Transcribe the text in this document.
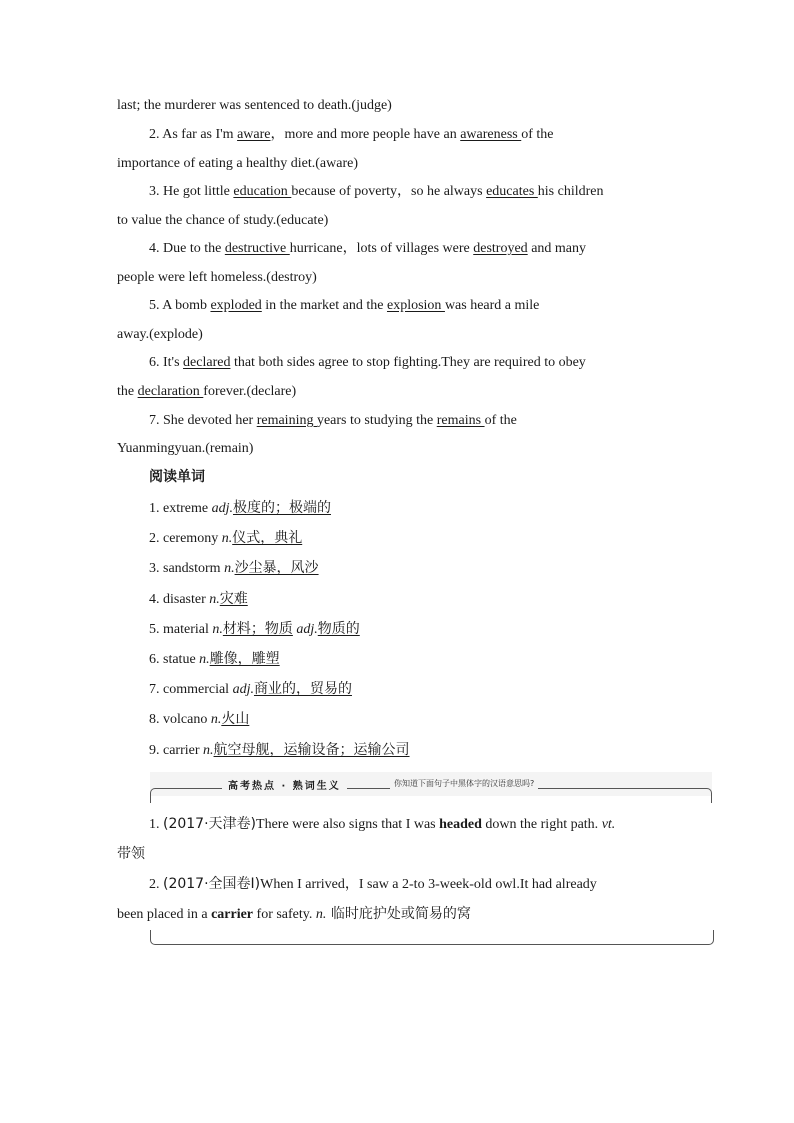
last; the murderer was sentenced to death.(judge)
2. As far as I'm aware，more and more people have an awareness of the
importance of eating a healthy diet.(aware)
3. He got little education because of poverty，so he always educates his children
to value the chance of study.(educate)
4. Due to the destructive hurricane，lots of villages were destroyed and many
people were left homeless.(destroy)
5. A bomb exploded in the market and the explosion was heard a mile
away.(explode)
6. It's declared that both sides agree to stop fighting.They are required to obey
the declaration forever.(declare)
7. She devoted her remaining years to studying the remains of the
Yuanmingyuan.(remain)
阅读单词
1. extreme adj.极度的；极端的
2. ceremony n.仪式，典礼
3. sandstorm n.沙尘暴，风沙
4. disaster n.灾难
5. material n.材料；物质 adj.物质的
6. statue n.雕像，雕塑
7. commercial adj.商业的，贸易的
8. volcano n.火山
9. carrier n.航空母舰，运输设备；运输公司
高考热点 · 熟词生义	你知道下面句子中黑体字的汉语意思吗?
1. (2017·天津卷)There were also signs that I was headed down the right path. vt.
带领
2. (2017·全国卷Ⅰ)When I arrived，I saw a 2-to 3-week-old owl.It had already
been placed in a carrier for safety. n. 临时庇护处或简易的窝
